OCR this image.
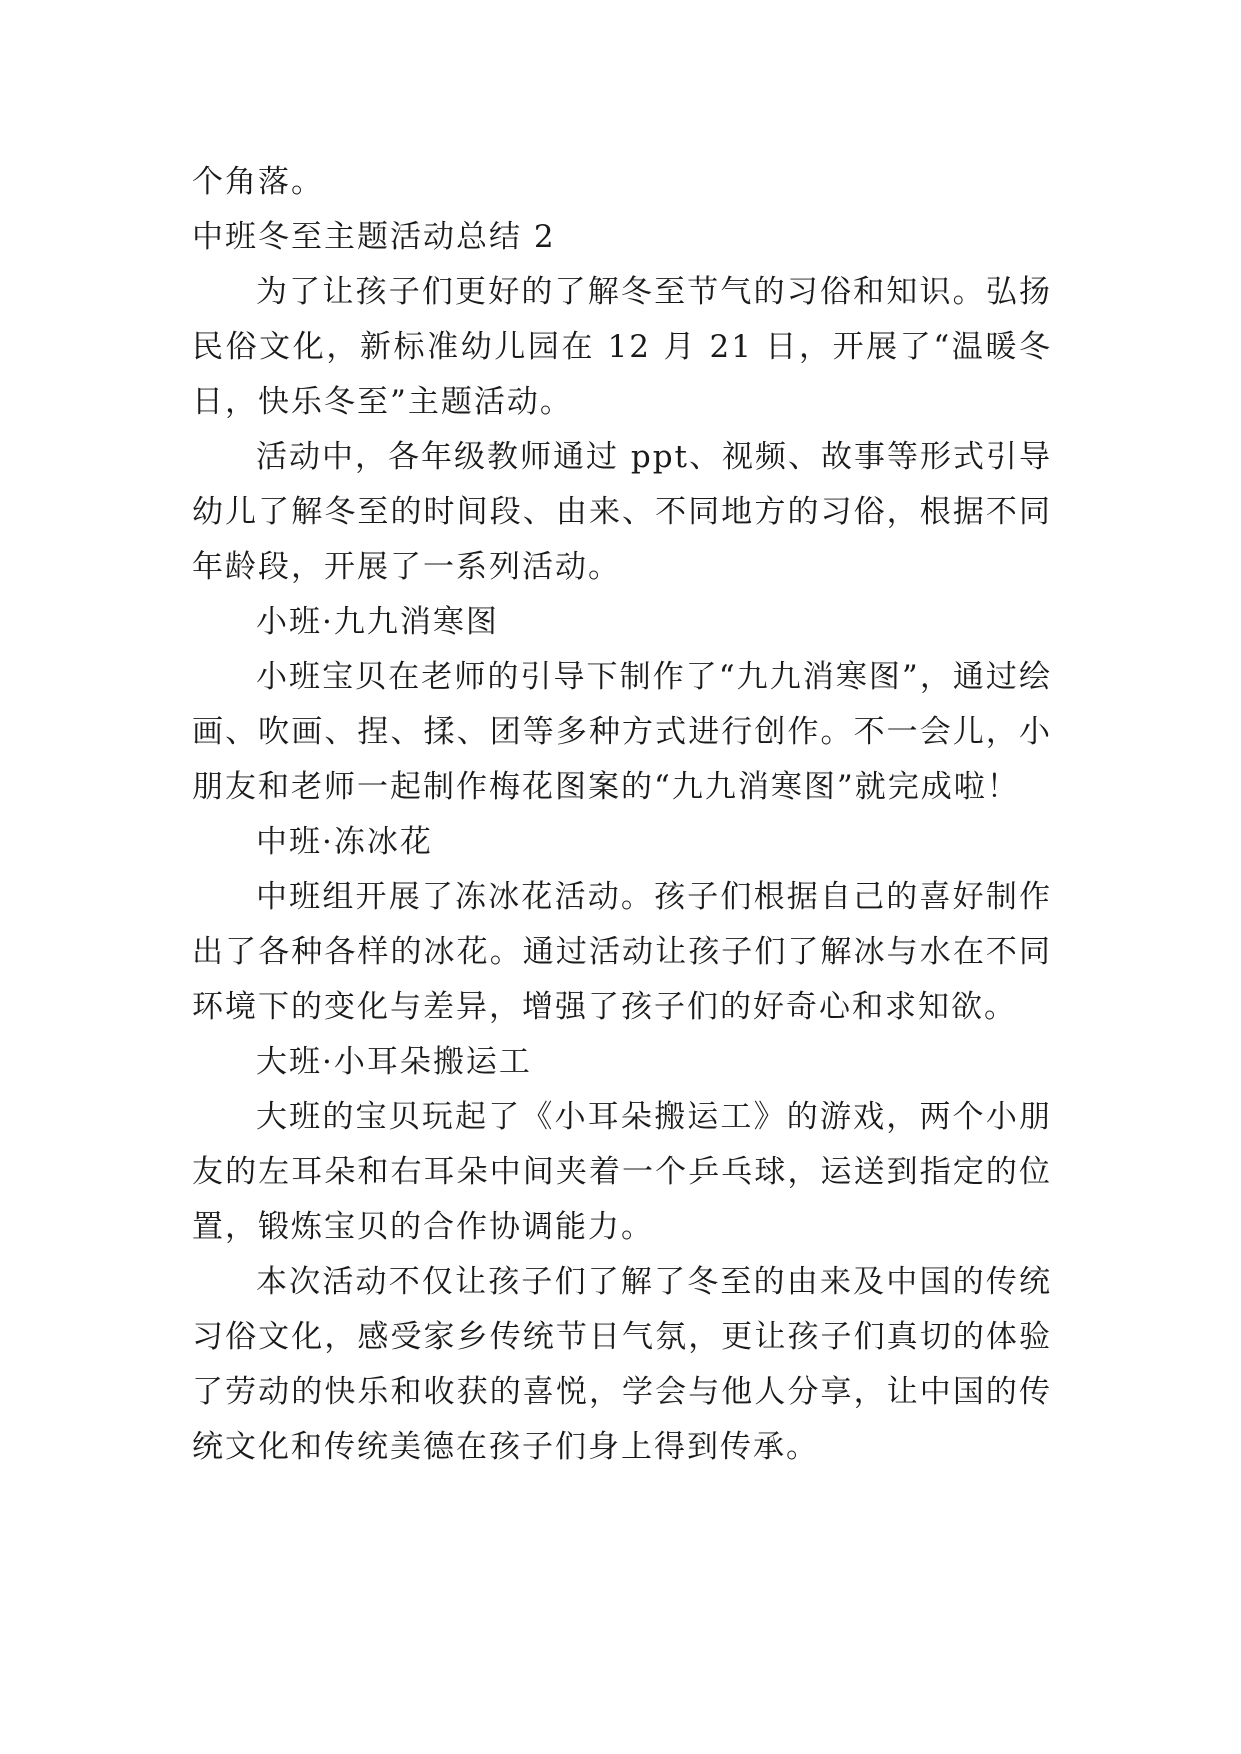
个角落。

中班冬至主题活动总结 2

为了让孩子们更好的了解冬至节气的习俗和知识。弘扬民俗文化，新标准幼儿园在 12 月 21 日，开展了“温暖冬日，快乐冬至”主题活动。

活动中，各年级教师通过 ppt、视频、故事等形式引导幼儿了解冬至的时间段、由来、不同地方的习俗，根据不同年龄段，开展了一系列活动。

小班·九九消寒图

小班宝贝在老师的引导下制作了“九九消寒图”，通过绘画、吹画、捏、揉、团等多种方式进行创作。不一会儿，小朋友和老师一起制作梅花图案的“九九消寒图”就完成啦！

中班·冻冰花

中班组开展了冻冰花活动。孩子们根据自己的喜好制作出了各种各样的冰花。通过活动让孩子们了解冰与水在不同环境下的变化与差异，增强了孩子们的好奇心和求知欲。

大班·小耳朵搬运工

大班的宝贝玩起了《小耳朵搬运工》的游戏，两个小朋友的左耳朵和右耳朵中间夹着一个乒乓球，运送到指定的位置，锻炼宝贝的合作协调能力。

本次活动不仅让孩子们了解了冬至的由来及中国的传统习俗文化，感受家乡传统节日气氛，更让孩子们真切的体验了劳动的快乐和收获的喜悦，学会与他人分享，让中国的传统文化和传统美德在孩子们身上得到传承。
